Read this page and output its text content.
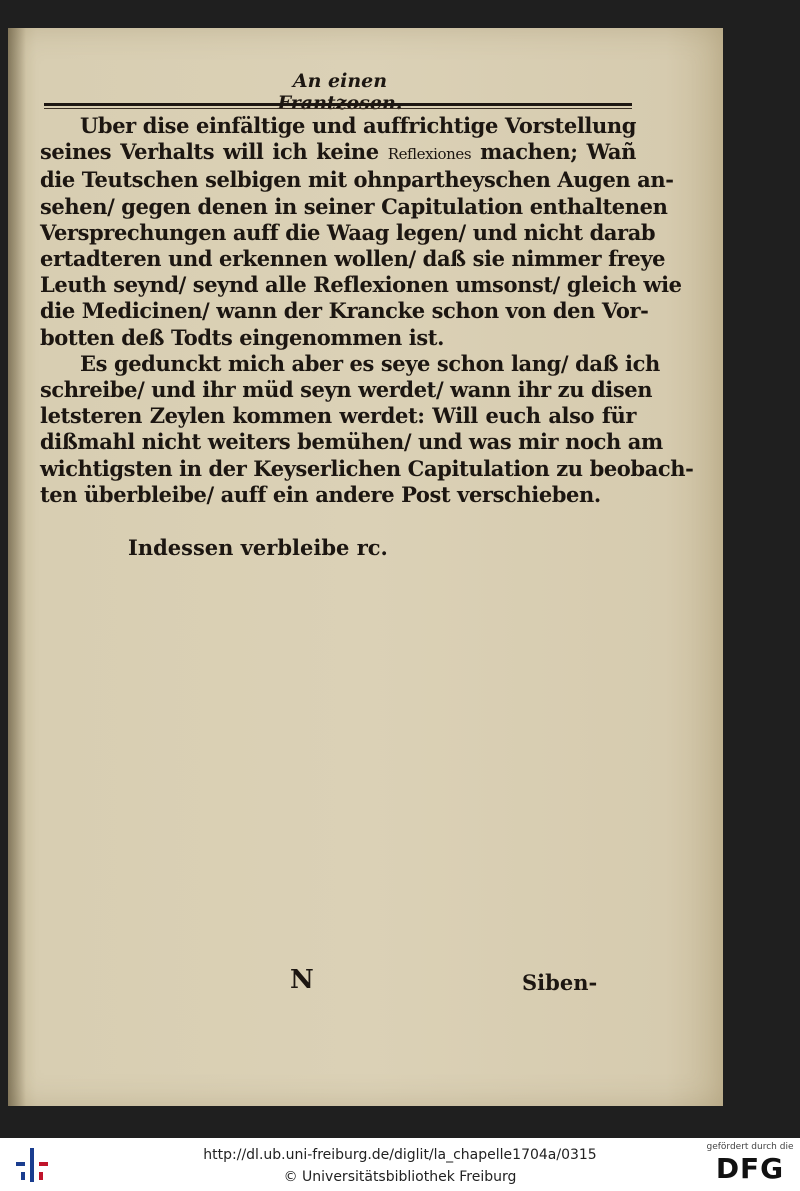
An einen Frantzosen.
Uber dise einfältige und auffrichtige Vorstellung
seines Verhalts will ich keine Reflexiones machen; Wañ
die Teutschen selbigen mit ohnpartheyschen Augen an-
sehen/ gegen denen in seiner Capitulation enthaltenen
Versprechungen auff die Waag legen/ und nicht darab
ertadteren und erkennen wollen/ daß sie nimmer freye
Leuth seynd/ seynd alle Reflexionen umsonst/ gleich wie
die Medicinen/ wann der Krancke schon von den Vor-
botten deß Todts eingenommen ist.
Es gedunckt mich aber es seye schon lang/ daß ich
schreibe/ und ihr müd seyn werdet/ wann ihr zu disen
letsteren Zeylen kommen werdet: Will euch also für
dißmahl nicht weiters bemühen/ und was mir noch am
wichtigsten in der Keyserlichen Capitulation zu beobach-
ten überbleibe/ auff ein andere Post verschieben.
Indessen verbleibe rc.
N	Siben-
http://dl.ub.uni-freiburg.de/diglit/la_chapelle1704a/0315
© Universitätsbibliothek Freiburg
gefördert durch die
DFG
